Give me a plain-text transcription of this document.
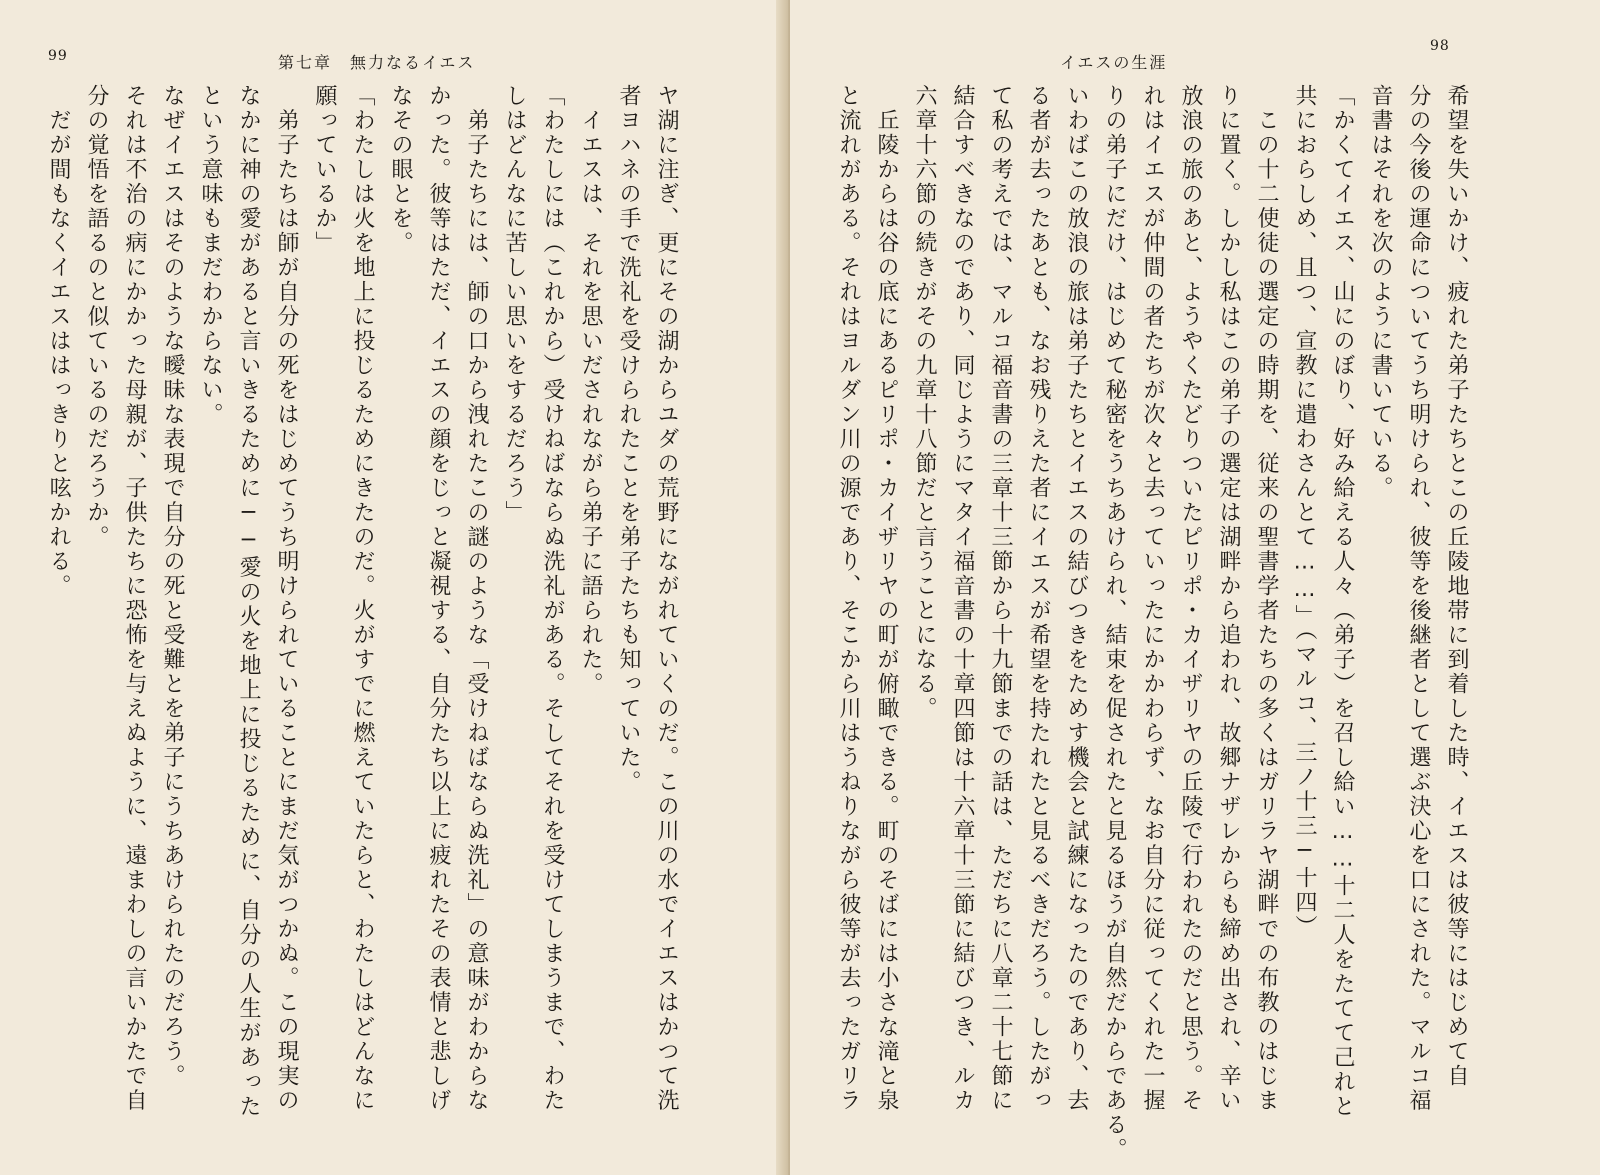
99	第七章　無力なるイエス
ヤ湖に注ぎ、更にその湖からユダの荒野にながれていくのだ。この川の水でイエスはかつて洗
者ヨハネの手で洗礼を受けられたことを弟子たちも知っていた。
　イエスは、それを思いだされながら弟子に語られた。
「わたしには（これから）受けねばならぬ洗礼がある。そしてそれを受けてしまうまで、わた
しはどんなに苦しい思いをするだろう」
　弟子たちには、師の口から洩れたこの謎のような「受けねばならぬ洗礼」の意味がわからな
かった。彼等はただ、イエスの顔をじっと凝視する、自分たち以上に疲れたその表情と悲しげ
なその眼とを。
「わたしは火を地上に投じるためにきたのだ。火がすでに燃えていたらと、わたしはどんなに
願っているか」
　弟子たちは師が自分の死をはじめてうち明けられていることにまだ気がつかぬ。この現実の
なかに神の愛があると言いきるために──愛の火を地上に投じるために、自分の人生があった
という意味もまだわからない。
なぜイエスはそのような曖昧な表現で自分の死と受難とを弟子にうちあけられたのだろう。
それは不治の病にかかった母親が、子供たちに恐怖を与えぬように、遠まわしの言いかたで自
分の覚悟を語るのと似ているのだろうか。
　だが間もなくイエスははっきりと呟かれる。
イエスの生涯
98
希望を失いかけ、疲れた弟子たちとこの丘陵地帯に到着した時、イエスは彼等にはじめて自
分の今後の運命についてうち明けられ、彼等を後継者として選ぶ決心を口にされた。マルコ福
音書はそれを次のように書いている。
「かくてイエス、山にのぼり、好み給える人々（弟子）を召し給い……十二人をたてて己れと
共におらしめ、且つ、宣教に遣わさんとて……」（マルコ、三ノ十三─十四）
　この十二使徒の選定の時期を、従来の聖書学者たちの多くはガリラヤ湖畔での布教のはじま
りに置く。しかし私はこの弟子の選定は湖畔から追われ、故郷ナザレからも締め出され、辛い
放浪の旅のあと、ようやくたどりついたピリポ・カイザリヤの丘陵で行われたのだと思う。そ
れはイエスが仲間の者たちが次々と去っていったにかかわらず、なお自分に従ってくれた一握
りの弟子にだけ、はじめて秘密をうちあけられ、結束を促されたと見るほうが自然だからである。
いわばこの放浪の旅は弟子たちとイエスの結びつきをためす機会と試練になったのであり、去
る者が去ったあとも、なお残りえた者にイエスが希望を持たれたと見るべきだろう。したがっ
て私の考えでは、マルコ福音書の三章十三節から十九節までの話は、ただちに八章二十七節に
結合すべきなのであり、同じようにマタイ福音書の十章四節は十六章十三節に結びつき、ルカ
六章十六節の続きがその九章十八節だと言うことになる。
　丘陵からは谷の底にあるピリポ・カイザリヤの町が俯瞰できる。町のそばには小さな滝と泉
と流れがある。それはヨルダン川の源であり、そこから川はうねりながら彼等が去ったガリラ
